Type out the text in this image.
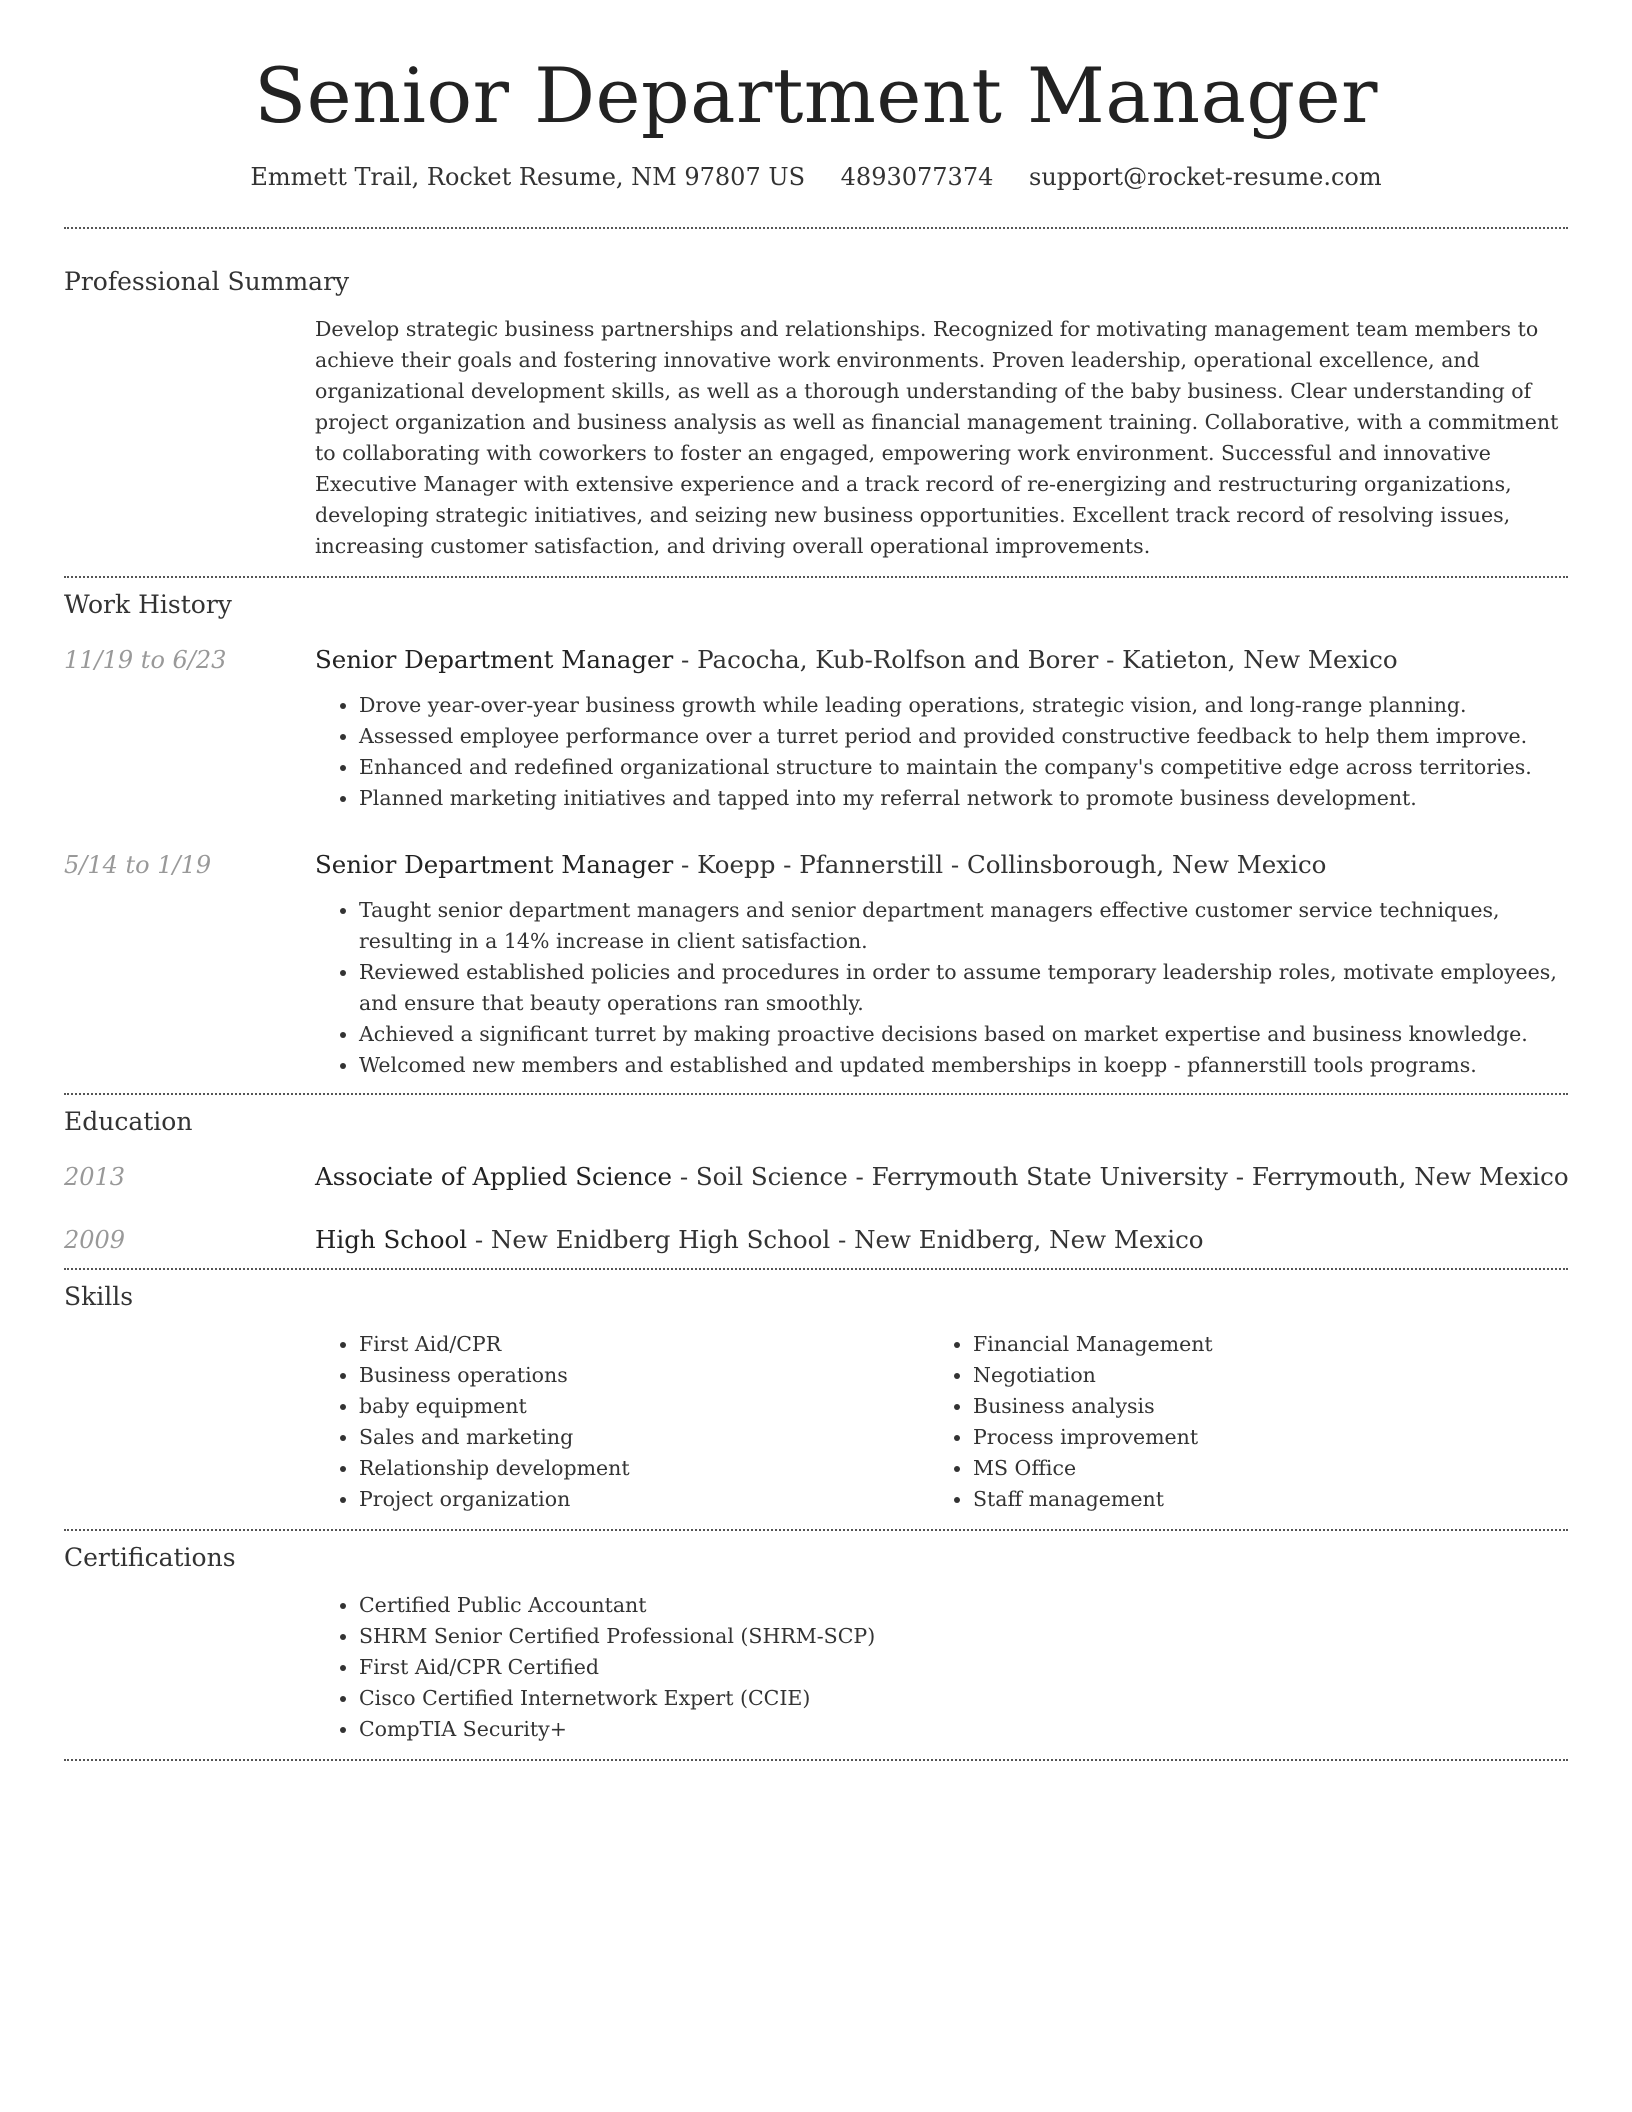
Senior Department Manager
Emmett Trail, Rocket Resume, NM 97807 US 4893077374 support@rocket-resume.com
Professional Summary

Develop strategic business partnerships and relationships. Recognized for motivating management team members to achieve their goals and fostering innovative work environments. Proven leadership, operational excellence, and organizational development skills, as well as a thorough understanding of the baby business. Clear understanding of project organization and business analysis as well as financial management training. Collaborative, with a commitment to collaborating with coworkers to foster an engaged, empowering work environment. Successful and innovative Executive Manager with extensive experience and a track record of re-energizing and restructuring organizations, developing strategic initiatives, and seizing new business opportunities. Excellent track record of resolving issues, increasing customer satisfaction, and driving overall operational improvements.

Work History
11/19 to 6/23	Senior Department Manager - Pacocha, Kub-Rolfson and Borer - Katieton, New Mexico
• Drove year-over-year business growth while leading operations, strategic vision, and long-range planning.
• Assessed employee performance over a turret period and provided constructive feedback to help them improve.
• Enhanced and redefined organizational structure to maintain the company's competitive edge across territories.
• Planned marketing initiatives and tapped into my referral network to promote business development.
5/14 to 1/19	Senior Department Manager - Koepp - Pfannerstill - Collinsborough, New Mexico
• Taught senior department managers and senior department managers effective customer service techniques, resulting in a 14% increase in client satisfaction.
• Reviewed established policies and procedures in order to assume temporary leadership roles, motivate employees, and ensure that beauty operations ran smoothly.
• Achieved a significant turret by making proactive decisions based on market expertise and business knowledge.
• Welcomed new members and established and updated memberships in koepp - pfannerstill tools programs.
Education
2013	Associate of Applied Science - Soil Science - Ferrymouth State University - Ferrymouth, New Mexico
2009	High School - New Enidberg High School - New Enidberg, New Mexico
Skills
• First Aid/CPR
• Business operations
• baby equipment
• Sales and marketing
• Relationship development
• Project organization
• Financial Management
• Negotiation
• Business analysis
• Process improvement
• MS Office
• Staff management
Certifications
• Certified Public Accountant
• SHRM Senior Certified Professional (SHRM-SCP)
• First Aid/CPR Certified
• Cisco Certified Internetwork Expert (CCIE)
• CompTIA Security+
